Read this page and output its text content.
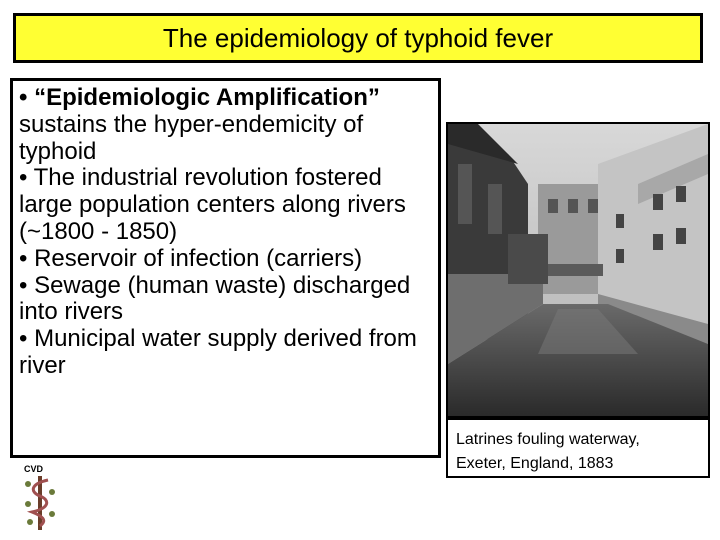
The epidemiology of typhoid fever
• “Epidemiologic Amplification” sustains the hyper-endemicity of typhoid
• The industrial revolution fostered large population centers along rivers (~1800 - 1850)
• Reservoir of infection (carriers)
• Sewage (human waste) discharged into rivers
• Municipal water supply derived from river
Latrines fouling waterway,
Exeter, England, 1883
CVD
